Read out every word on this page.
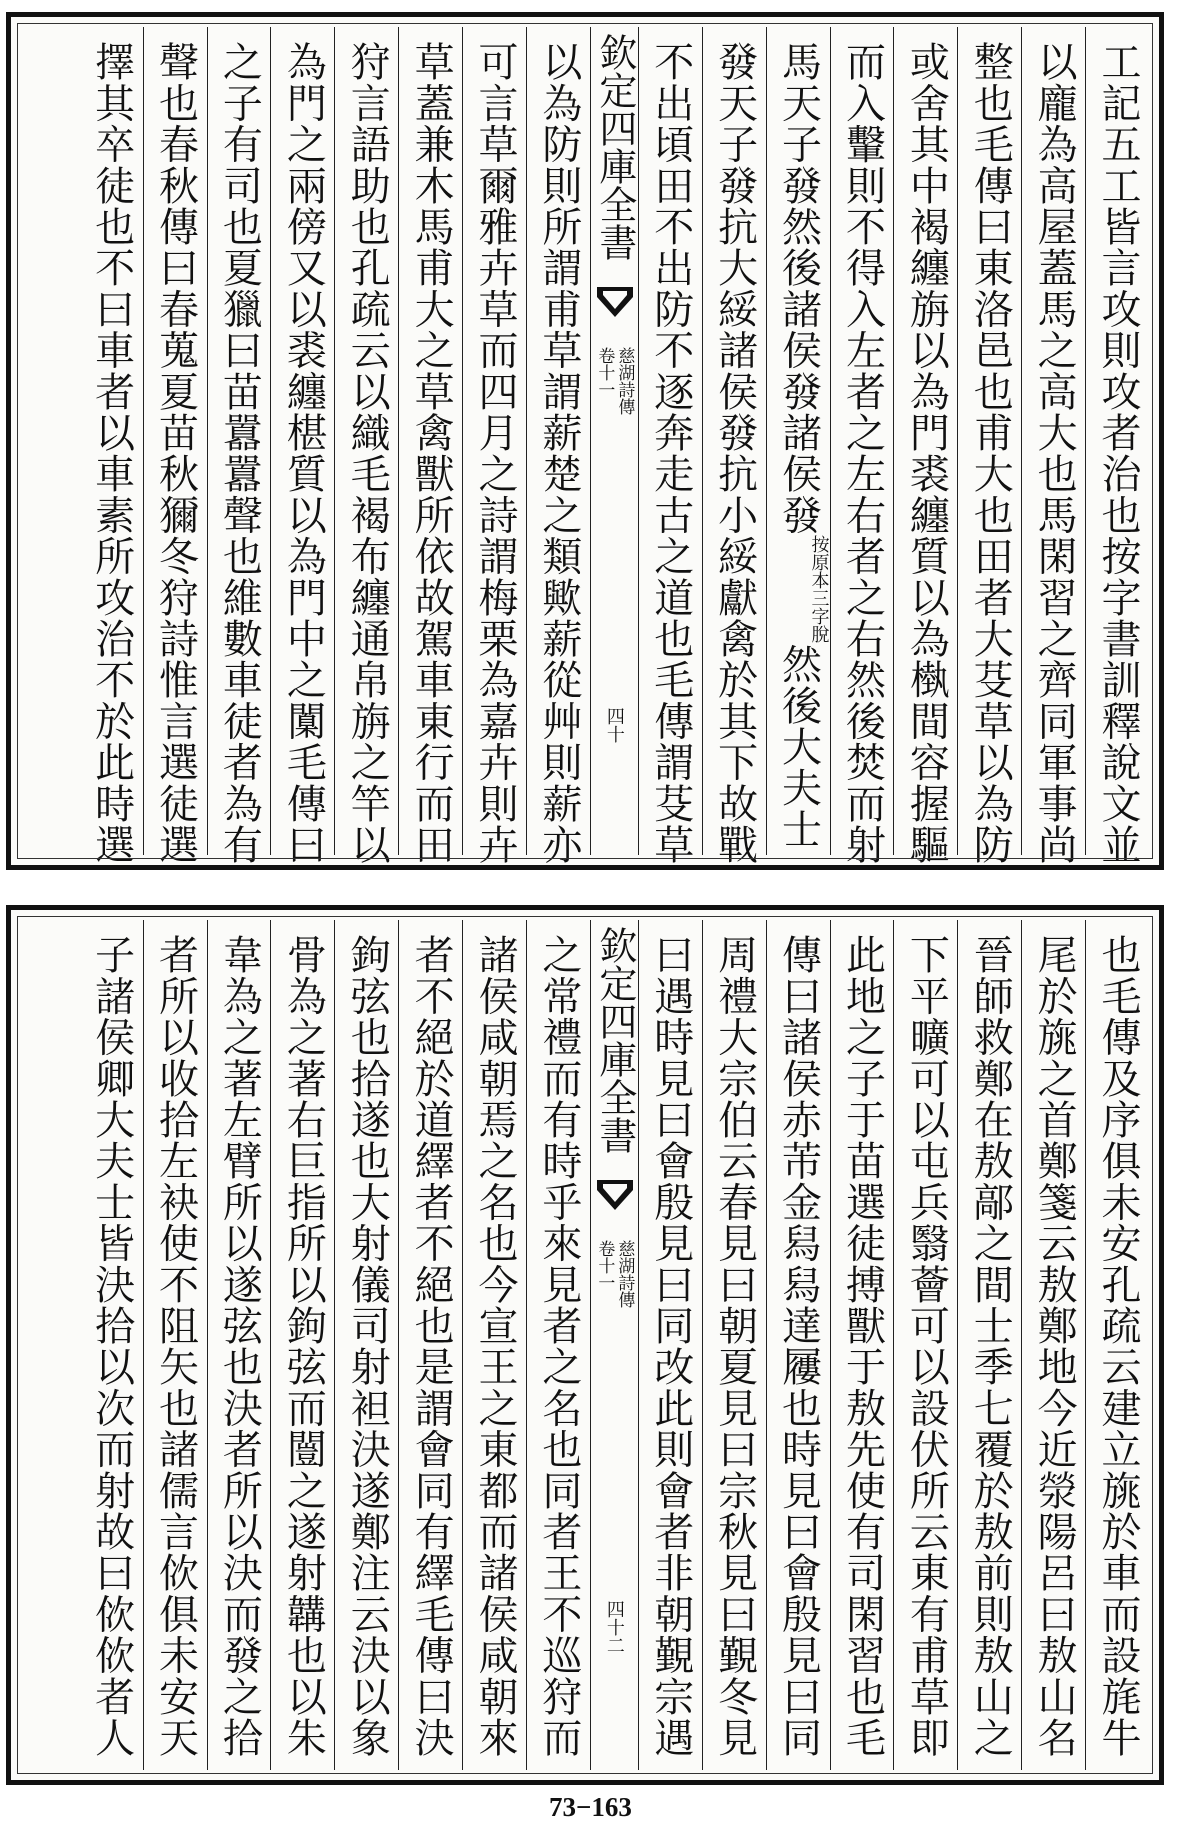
工記五工皆言攻則攻者治也按字書訓釋說文並
以龐為高屋蓋馬之高大也馬閑習之齊同軍事尚
整也毛傳曰東洛邑也甫大也田者大芟草以為防
或舍其中褐纏旃以為門裘纏質以為槸間容握驅
而入轚則不得入左者之左右者之右然後焚而射
馬天子發然後諸侯發諸侯發按原本三字脫然後大夫士
發天子發抗大綏諸侯發抗小綏獻禽於其下故戰
不出頃田不出防不逐奔走古之道也毛傳謂芟草
欽定四庫全書
慈湖詩傳
卷十一
四十
以為防則所謂甫草謂薪楚之類歟薪從艸則薪亦
可言草爾雅卉草而四月之詩謂梅栗為嘉卉則卉
草蓋兼木馬甫大之草禽獸所依故駕車東行而田
狩言語助也孔疏云以織毛褐布纏通帛旃之竿以
為門之兩傍又以裘纏椹質以為門中之闑毛傳曰
之子有司也夏獵曰苗囂囂聲也維數車徒者為有
聲也春秋傳曰春蒐夏苗秋獮冬狩詩惟言選徒選
擇其卒徒也不曰車者以車素所攻治不於此時選
也毛傳及序俱未安孔疏云建立旐於車而設旄牛
尾於旐之首鄭箋云敖鄭地今近滎陽呂曰敖山名
晉師救鄭在敖鄗之間士季七覆於敖前則敖山之
下平曠可以屯兵翳薈可以設伏所云東有甫草即
此地之子于苗選徒搏獸于敖先使有司閑習也毛
傳曰諸侯赤芾金舄舄達屨也時見曰會殷見曰同
周禮大宗伯云春見曰朝夏見曰宗秋見曰覲冬見
曰遇時見曰會殷見曰同改此則會者非朝覲宗遇
欽定四庫全書
慈湖詩傳
卷十一
四十二
之常禮而有時乎來見者之名也同者王不巡狩而
諸侯咸朝焉之名也今宣王之東都而諸侯咸朝來
者不絕於道繹者不絕也是謂會同有繹毛傳曰決
鉤弦也拾遂也大射儀司射袒決遂鄭注云決以象
骨為之著右巨指所以鉤弦而闓之遂射韝也以朱
韋為之著左臂所以遂弦也決者所以決而發之拾
者所以收拾左袂使不阻矢也諸儒言佽俱未安天
子諸侯卿大夫士皆決拾以次而射故曰佽佽者人
73−163
